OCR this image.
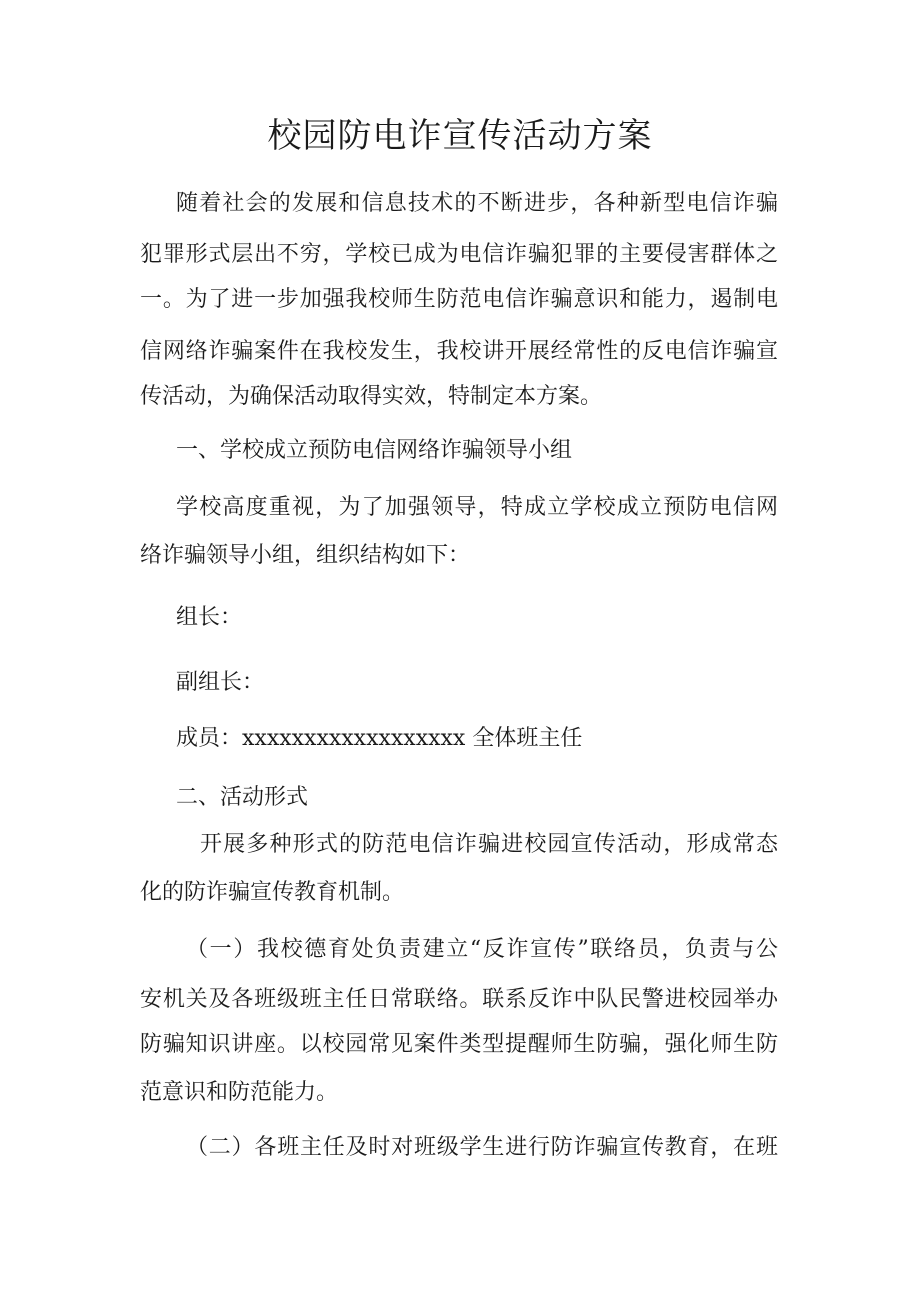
校园防电诈宣传活动方案
随着社会的发展和信息技术的不断进步，各种新型电信诈骗
犯罪形式层出不穷，学校已成为电信诈骗犯罪的主要侵害群体之
一。为了进一步加强我校师生防范电信诈骗意识和能力，遏制电
信网络诈骗案件在我校发生，我校讲开展经常性的反电信诈骗宣
传活动，为确保活动取得实效，特制定本方案。
一、学校成立预防电信网络诈骗领导小组
学校高度重视，为了加强领导，特成立学校成立预防电信网
络诈骗领导小组，组织结构如下：
组长：
副组长：
成员：xxxxxxxxxxxxxxxxxx 全体班主任
二、活动形式
开展多种形式的防范电信诈骗进校园宣传活动，形成常态
化的防诈骗宣传教育机制。
（一）我校德育处负责建立“反诈宣传”联络员，负责与公
安机关及各班级班主任日常联络。联系反诈中队民警进校园举办
防骗知识讲座。以校园常见案件类型提醒师生防骗，强化师生防
范意识和防范能力。
（二）各班主任及时对班级学生进行防诈骗宣传教育，在班
